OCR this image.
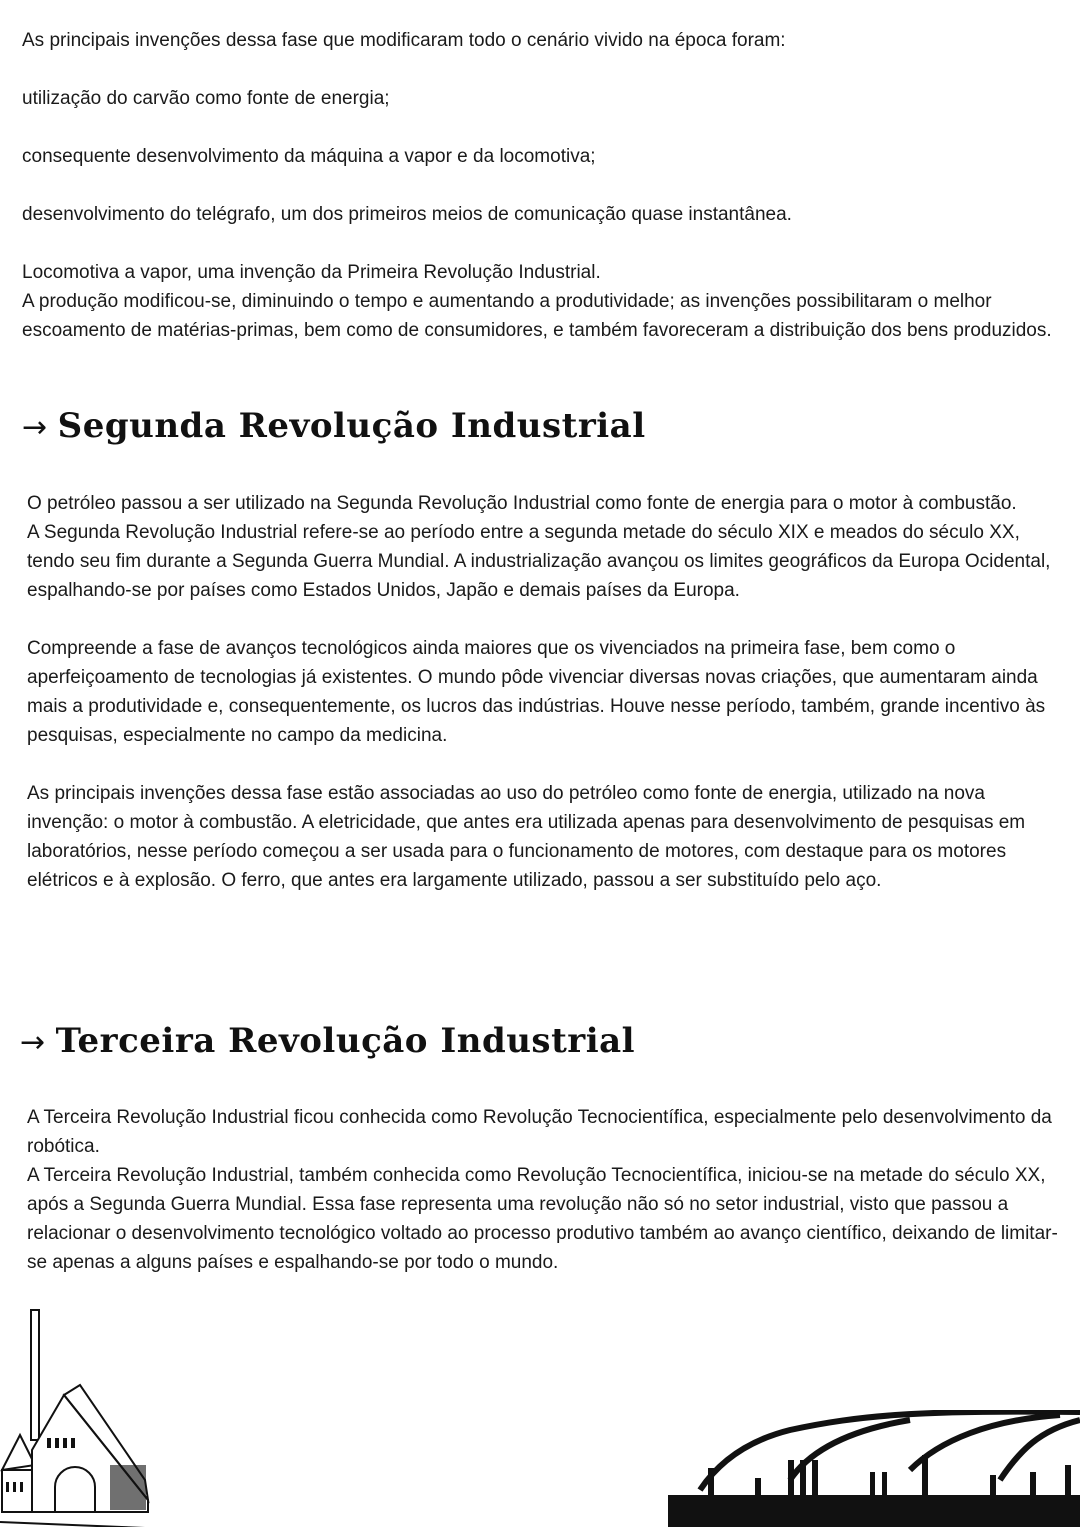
As principais invenções dessa fase que modificaram todo o cenário vivido na época foram:

utilização do carvão como fonte de energia;

consequente desenvolvimento da máquina a vapor e da locomotiva;

desenvolvimento do telégrafo, um dos primeiros meios de comunicação quase instantânea.

Locomotiva a vapor, uma invenção da Primeira Revolução Industrial.

A produção modificou-se, diminuindo o tempo e aumentando a produtividade; as invenções possibilitaram o melhor escoamento de matérias-primas, bem como de consumidores, e também favoreceram a distribuição dos bens produzidos.

→ Segunda Revolução Industrial

O petróleo passou a ser utilizado na Segunda Revolução Industrial como fonte de energia para o motor à combustão.

A Segunda Revolução Industrial refere-se ao período entre a segunda metade do século XIX e meados do século XX, tendo seu fim durante a Segunda Guerra Mundial. A industrialização avançou os limites geográficos da Europa Ocidental, espalhando-se por países como Estados Unidos, Japão e demais países da Europa.

Compreende a fase de avanços tecnológicos ainda maiores que os vivenciados na primeira fase, bem como o aperfeiçoamento de tecnologias já existentes. O mundo pôde vivenciar diversas novas criações, que aumentaram ainda mais a produtividade e, consequentemente, os lucros das indústrias. Houve nesse período, também, grande incentivo às pesquisas, especialmente no campo da medicina.

As principais invenções dessa fase estão associadas ao uso do petróleo como fonte de energia, utilizado na nova invenção: o motor à combustão. A eletricidade, que antes era utilizada apenas para desenvolvimento de pesquisas em laboratórios, nesse período começou a ser usada para o funcionamento de motores, com destaque para os motores elétricos e à explosão. O ferro, que antes era largamente utilizado, passou a ser substituído pelo aço.

→ Terceira Revolução Industrial

A Terceira Revolução Industrial ficou conhecida como Revolução Tecnocientífica, especialmente pelo desenvolvimento da robótica.

A Terceira Revolução Industrial, também conhecida como Revolução Tecnocientífica, iniciou-se na metade do século XX, após a Segunda Guerra Mundial. Essa fase representa uma revolução não só no setor industrial, visto que passou a relacionar o desenvolvimento tecnológico voltado ao processo produtivo também ao avanço científico, deixando de limitar-se apenas a alguns países e espalhando-se por todo o mundo.
